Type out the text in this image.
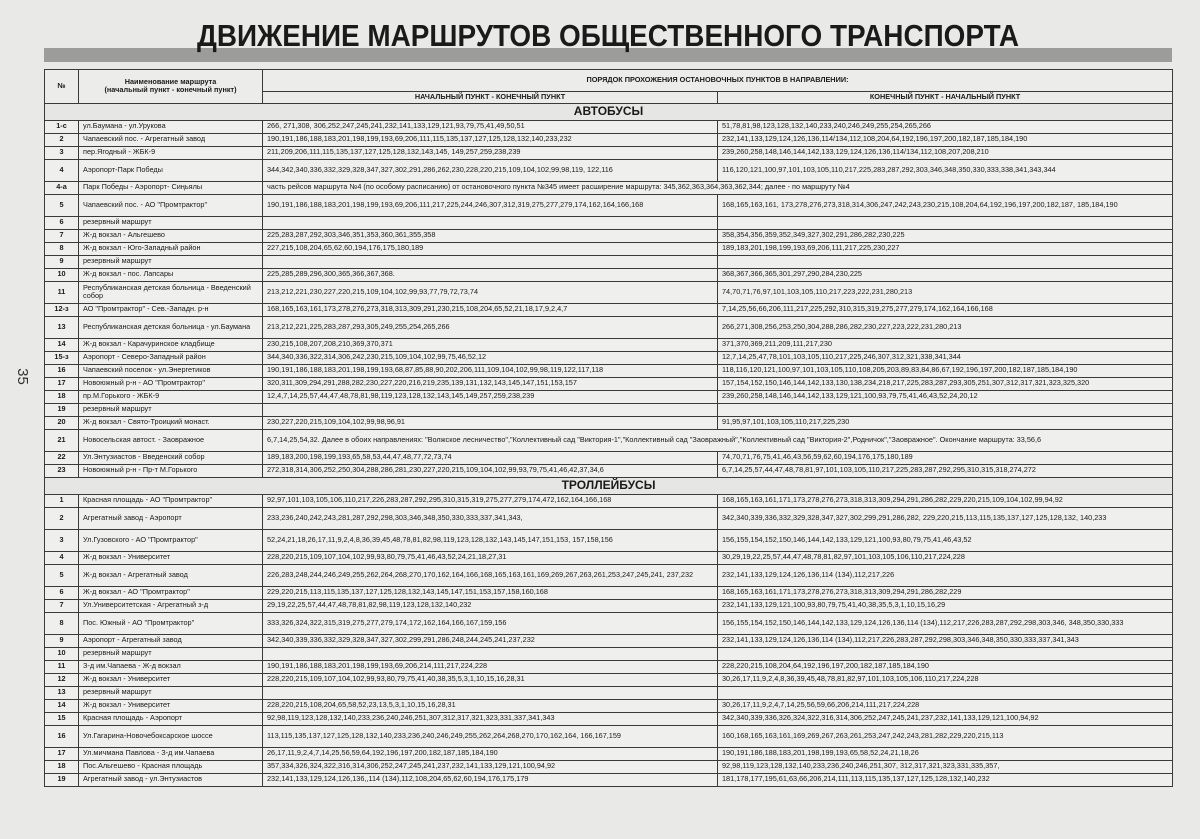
35
ДВИЖЕНИЕ МАРШРУТОВ ОБЩЕСТВЕННОГО ТРАНСПОРТА
№	Наименование маршрута
(начальный пункт - конечный пункт)	ПОРЯДОК ПРОХОЖЕНИЯ ОСТАНОВОЧНЫХ ПУНКТОВ В НАПРАВЛЕНИИ:	
		НАЧАЛЬНЫЙ ПУНКТ - КОНЕЧНЫЙ ПУНКТ	КОНЕЧНЫЙ ПУНКТ - НАЧАЛЬНЫЙ ПУНКТ
АВТОБУСЫ			
1-с	ул.Баумана - ул.Урукова	266, 271,308, 306,252,247,245,241,232,141,133,129,121,93,79,75,41,49,50,51	51,78,81,98,123,128,132,140,233,240,246,249,255,254,265,266
2	Чапаевский пос. - Агрегатный завод	190,191,186,188,183,201,198,199,193,69,206,111,115,135,137,127,125,128,132,140,233,232	232,141,133,129,124,126,136,114/134,112,108,204,64,192,196,197,200,182,187,185,184,190
3	пер.Ягодный - ЖБК-9	211,209,206,111,115,135,137,127,125,128,132,143,145, 149,257,259,238,239	239,260,258,148,146,144,142,133,129,124,126,136,114/134,112,108,207,208,210
4	Аэропорт-Парк Победы	344,342,340,336,332,329,328,347,327,302,291,286,262,230,228,220,215,109,104,102,99,98,119, 122,116	116,120,121,100,97,101,103,105,110,217,225,283,287,292,303,346,348,350,330,333,338,341,343,344
4-а	Парк Победы - Аэропорт- Сиңьялы	часть рейсов маршрута №4 (по особому расписанию) от остановочного пункта №345 имеет расширение маршрута: 345,362,363,364,363,362,344; далее - по маршруту №4	
5	Чапаевский пос. - АО "Промтрактор"	190,191,186,188,183,201,198,199,193,69,206,111,217,225,244,246,307,312,319,275,277,279,174,162,164,166,168	168,165,163,161, 173,278,276,273,318,314,306,247,242,243,230,215,108,204,64,192,196,197,200,182,187, 185,184,190
6	резервный маршрут		
7	Ж-д вокзал - Альгешево	225,283,287,292,303,346,351,353,360,361,355,358	358,354,356,359,352,349,327,302,291,286,282,230,225
8	Ж-д вокзал - Юго-Западный район	227,215,108,204,65,62,60,194,176,175,180,189	189,183,201,198,199,193,69,206,111,217,225,230,227
9	резервный маршрут		
10	Ж-д вокзал - пос. Лапсары	225,285,289,296,300,365,366,367,368.	368,367,366,365,301,297,290,284,230,225
11	Республиканская детская больница - Введенский собор	213,212,221,230,227,220,215,109,104,102,99,93,77,79,72,73,74	74,70,71,76,97,101,103,105,110,217,223,222,231,280,213
12-з	АО "Промтрактор" - Сев.-Западн. р-н	168,165,163,161,173,278,276,273,318,313,309,291,230,215,108,204,65,52,21,18,17,9,2,4,7	7,14,25,56,66,206,111,217,225,292,310,315,319,275,277,279,174,162,164,166,168
13	Республиканская детская больница - ул.Баумана	213,212,221,225,283,287,293,305,249,255,254,265,266	266,271,308,256,253,250,304,288,286,282,230,227,223,222,231,280,213
14	Ж-д вокзал - Карачуринское кладбище	230,215,108,207,208,210,369,370,371	371,370,369,211,209,111,217,230
15-з	Аэропорт - Северо-Западный район	344,340,336,322,314,306,242,230,215,109,104,102,99,75,46,52,12	12,7,14,25,47,78,101,103,105,110,217,225,246,307,312,321,338,341,344
16	Чапаевский поселок - ул.Энергетиков	190,191,186,188,183,201,198,199,193,68,87,85,88,90,202,206,111,109,104,102,99,98,119,122,117,118	118,116,120,121,100,97,101,103,105,110,108,205,203,89,83,84,86,67,192,196,197,200,182,187,185,184,190
17	Новоюжный р-н - АО "Промтрактор"	320,311,309,294,291,288,282,230,227,220,216,219,235,139,131,132,143,145,147,151,153,157	157,154,152,150,146,144,142,133,130,138,234,218,217,225,283,287,293,305,251,307,312,317,321,323,325,320
18	пр.М.Горького - ЖБК-9	12,4,7,14,25,57,44,47,48,78,81,98,119,123,128,132,143,145,149,257,259,238,239	239,260,258,148,146,144,142,133,129,121,100,93,79,75,41,46,43,52,24,20,12
19	резервный маршрут		
20	Ж-д вокзал - Свято-Троицкий монаст.	230,227,220,215,109,104,102,99,98,96,91	91,95,97,101,103,105,110,217,225,230
21	Новосельская автост. - Заовражное	6,7,14,25,54,32. Далее в обоих направлениях: "Волжское лесничество","Коллективный сад "Виктория-1","Коллективный сад "Заовражный","Коллективный сад "Виктория-2",Родничок","Заовражное". Окончание маршрута: 33,56,6	
22	Ул.Энтузиастов - Введенский собор	189,183,200,198,199,193,65,58,53,44,47,48,77,72,73,74	74,70,71,76,75,41,46,43,56,59,62,60,194,176,175,180,189
23	Новоюжный р-н - Пр-т М.Горького	272,318,314,306,252,250,304,288,286,281,230,227,220,215,109,104,102,99,93,79,75,41,46,42,37,34,6	6,7,14,25,57,44,47,48,78,81,97,101,103,105,110,217,225,283,287,292,295,310,315,318,274,272
ТРОЛЛЕЙБУСЫ			
1	Красная площадь - АО "Промтрактор"	92,97,101,103,105,106,110,217,226,283,287,292,295,310,315,319,275,277,279,174,472,162,164,166,168	168,165,163,161,171,173,278,276,273,318,313,309,294,291,286,282,229,220,215,109,104,102,99,94,92
2	Агрегатный завод - Аэропорт	233,236,240,242,243,281,287,292,298,303,346,348,350,330,333,337,341,343,	342,340,339,336,332,329,328,347,327,302,299,291,286,282, 229,220,215,113,115,135,137,127,125,128,132, 140,233
3	Ул.Гузовского - АО "Промтрактор"	52,24,21,18,26,17,11,9,2,4,8,36,39,45,48,78,81,82,98,119,123,128,132,143,145,147,151,153, 157,158,156	156,155,154,152,150,146,144,142,133,129,121,100,93,80,79,75,41,46,43,52
4	Ж-д вокзал - Университет	228,220,215,109,107,104,102,99,93,80,79,75,41,46,43,52,24,21,18,27,31	30,29,19,22,25,57,44,47,48,78,81,82,97,101,103,105,106,110,217,224,228
5	Ж-д вокзал - Агрегатный завод	226,283,248,244,246,249,255,262,264,268,270,170,162,164,166,168,165,163,161,169,269,267,263,261,253,247,245,241, 237,232	232,141,133,129,124,126,136,114 (134),112,217,226
6	Ж-д вокзал - АО "Промтрактор"	229,220,215,113,115,135,137,127,125,128,132,143,145,147,151,153,157,158,160,168	168,165,163,161,171,173,278,276,273,318,313,309,294,291,286,282,229
7	Ул.Университетская - Агрегатный з-д	29,19,22,25,57,44,47,48,78,81,82,98,119,123,128,132,140,232	232,141,133,129,121,100,93,80,79,75,41,40,38,35,5,3,1,10,15,16,29
8	Пос. Южный - АО "Промтрактор"	333,326,324,322,315,319,275,277,279,174,172,162,164,166,167,159,156	156,155,154,152,150,146,144,142,133,129,124,126,136,114 (134),112,217,226,283,287,292,298,303,346, 348,350,330,333
9	Аэропорт - Агрегатный завод	342,340,339,336,332,329,328,347,327,302,299,291,286,248,244,245,241,237,232	232,141,133,129,124,126,136,114 (134),112,217,226,283,287,292,298,303,346,348,350,330,333,337,341,343
10	резервный маршрут		
11	З-д им.Чапаева - Ж-д вокзал	190,191,186,188,183,201,198,199,193,69,206,214,111,217,224,228	228,220,215,108,204,64,192,196,197,200,182,187,185,184,190
12	Ж-д вокзал - Университет	228,220,215,109,107,104,102,99,93,80,79,75,41,40,38,35,5,3,1,10,15,16,28,31	30,26,17,11,9,2,4,8,36,39,45,48,78,81,82,97,101,103,105,106,110,217,224,228
13	резервный маршрут		
14	Ж-д вокзал - Университет	228,220,215,108,204,65,58,52,23,13,5,3,1,10,15,16,28,31	30,26,17,11,9,2,4,7,14,25,56,59,66,206,214,111,217,224,228
15	Красная площадь - Аэропорт	92,98,119,123,128,132,140,233,236,240,246,251,307,312,317,321,323,331,337,341,343	342,340,339,336,326,324,322,316,314,306,252,247,245,241,237,232,141,133,129,121,100,94,92
16	Ул.Гагарина-Новочебоксарское шоссе	113,115,135,137,127,125,128,132,140,233,236,240,246,249,255,262,264,268,270,170,162,164, 166,167,159	160,168,165,163,161,169,269,267,263,261,253,247,242,243,281,282,229,220,215,113
17	Ул.мичмана Павлова - З-д им.Чапаева	26,17,11,9,2,4,7,14,25,56,59,64,192,196,197,200,182,187,185,184,190	190,191,186,188,183,201,198,199,193,65,58,52,24,21,18,26
18	Пос.Альгешево - Красная площадь	357,334,326,324,322,316,314,306,252,247,245,241,237,232,141,133,129,121,100,94,92	92,98,119,123,128,132,140,233,236,240,246,251,307, 312,317,321,323,331,335,357,
19	Агрегатный завод - ул.Энтузиастов	232,141,133,129,124,126,136,,114 (134),112,108,204,65,62,60,194,176,175,179	181,178,177,195,61,63,66,206,214,111,113,115,135,137,127,125,128,132,140,232
